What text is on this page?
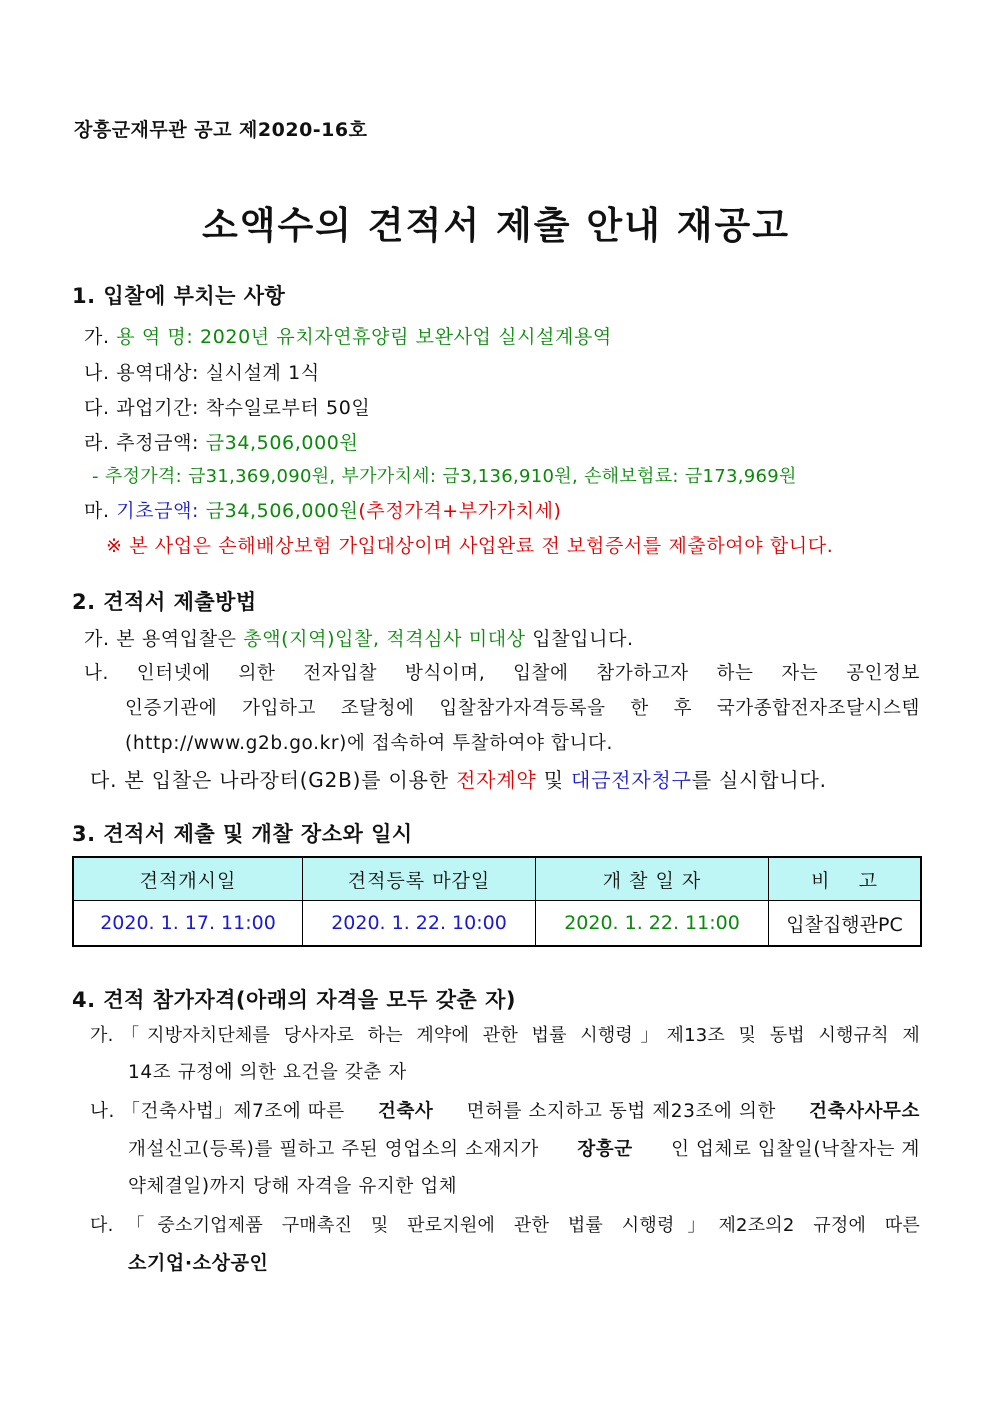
장흥군재무관 공고 제2020-16호
소액수의 견적서 제출 안내 재공고
1. 입찰에 부치는 사항
가. 용 역 명: 2020년 유치자연휴양림 보완사업 실시설계용역
나. 용역대상: 실시설계 1식
다. 과업기간: 착수일로부터 50일
라. 추정금액: 금34,506,000원
- 추정가격: 금31,369,090원, 부가가치세: 금3,136,910원, 손해보험료: 금173,969원
마. 기초금액: 금34,506,000원(추정가격+부가가치세)
※ 본 사업은 손해배상보험 가입대상이며 사업완료 전 보험증서를 제출하여야 합니다.
2. 견적서 제출방법
가. 본 용역입찰은 총액(지역)입찰, 적격심사 미대상 입찰입니다.
나. 인터넷에 의한 전자입찰 방식이며, 입찰에 참가하고자 하는 자는 공인정보
인증기관에 가입하고 조달청에 입찰참가자격등록을 한 후 국가종합전자조달시스템
(http://www.g2b.go.kr)에 접속하여 투찰하여야 합니다.
다. 본 입찰은 나라장터(G2B)를 이용한 전자계약 및 대금전자청구를 실시합니다.
3. 견적서 제출 및 개찰 장소와 일시
견적개시일	견적등록 마감일	개 찰 일 자	비    고
2020. 1. 17. 11:00	2020. 1. 22. 10:00	2020. 1. 22. 11:00	입찰집행관PC
4. 견적 참가자격(아래의 자격을 모두 갖춘 자)
가.「지방자치단체를 당사자로 하는 계약에 관한 법률 시행령」제13조 및 동법 시행규칙 제
14조 규정에 의한 요건을 갖춘 자
나. 「건축사법」제7조에 따른 건축사 면허를 소지하고 동법 제23조에 의한 건축사사무소
개설신고(등록)를 필하고 주된 영업소의 소재지가 장흥군 인 업체로 입찰일(낙찰자는 계
약체결일)까지 당해 자격을 유지한 업체
다.「중소기업제품 구매촉진 및 판로지원에 관한 법률 시행령」제2조의2 규정에 따른
소기업·소상공인
